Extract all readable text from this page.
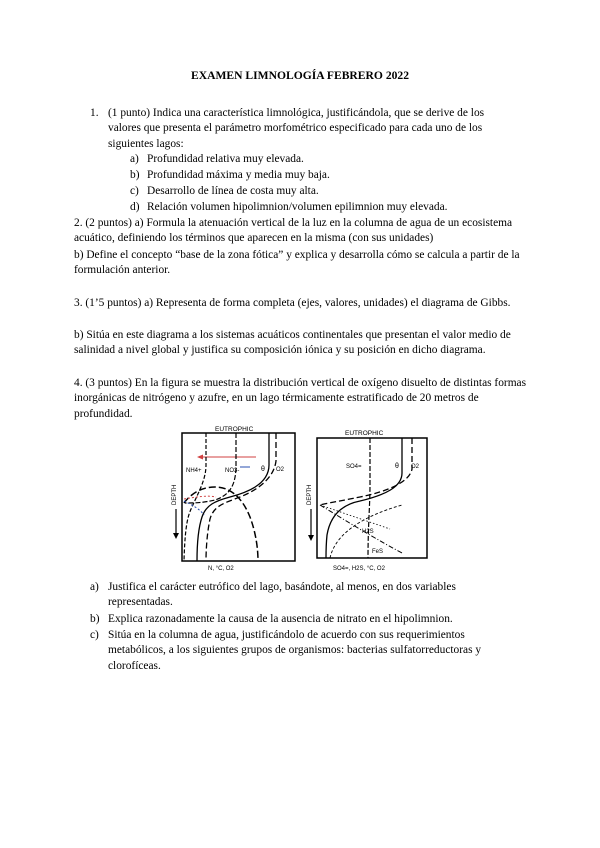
EXAMEN LIMNOLOGÍA FEBRERO 2022
1. (1 punto) Indica una característica limnológica, justificándola, que se derive de los valores que presenta el parámetro morfométrico especificado para cada uno de los siguientes lagos:

a) Profundidad relativa muy elevada.
b) Profundidad máxima y media muy baja.
c) Desarrollo de línea de costa muy alta.
d) Relación volumen hipolimnion/volumen epilimnion muy elevada.

2. (2 puntos) a) Formula la atenuación vertical de la luz en la columna de agua de un ecosistema acuático, definiendo los términos que aparecen en la misma (con sus unidades)

b) Define el concepto “base de la zona fótica” y explica y desarrolla cómo se calcula a partir de la formulación anterior.

3. (1’5 puntos) a) Representa de forma completa (ejes, valores, unidades) el diagrama de Gibbs.

b) Sitúa en este diagrama a los sistemas acuáticos continentales que presentan el valor medio de salinidad a nivel global y justifica su composición iónica y su posición en dicho diagrama.

4. (3 puntos) En la figura se muestra la distribución vertical de oxígeno disuelto de distintas formas inorgánicas de nitrógeno y azufre, en un lago térmicamente estratificado de 20 metros de profundidad.

EUTROPHIC
DEPTH
NH4+	NO3-	θ O2
N, °C, O2
EUTROPHIC
DEPTH
SO4=	θ O2
H2S
FeS
SO4=, H2S, °C, O2
a) Justifica el carácter eutrófico del lago, basándote, al menos, en dos variables representadas.

b) Explica razonadamente la causa de la ausencia de nitrato en el hipolimnion.

c) Sitúa en la columna de agua, justificándolo de acuerdo con sus requerimientos metabólicos, a los siguientes grupos de organismos: bacterias sulfatorreductoras y clorofíceas.
